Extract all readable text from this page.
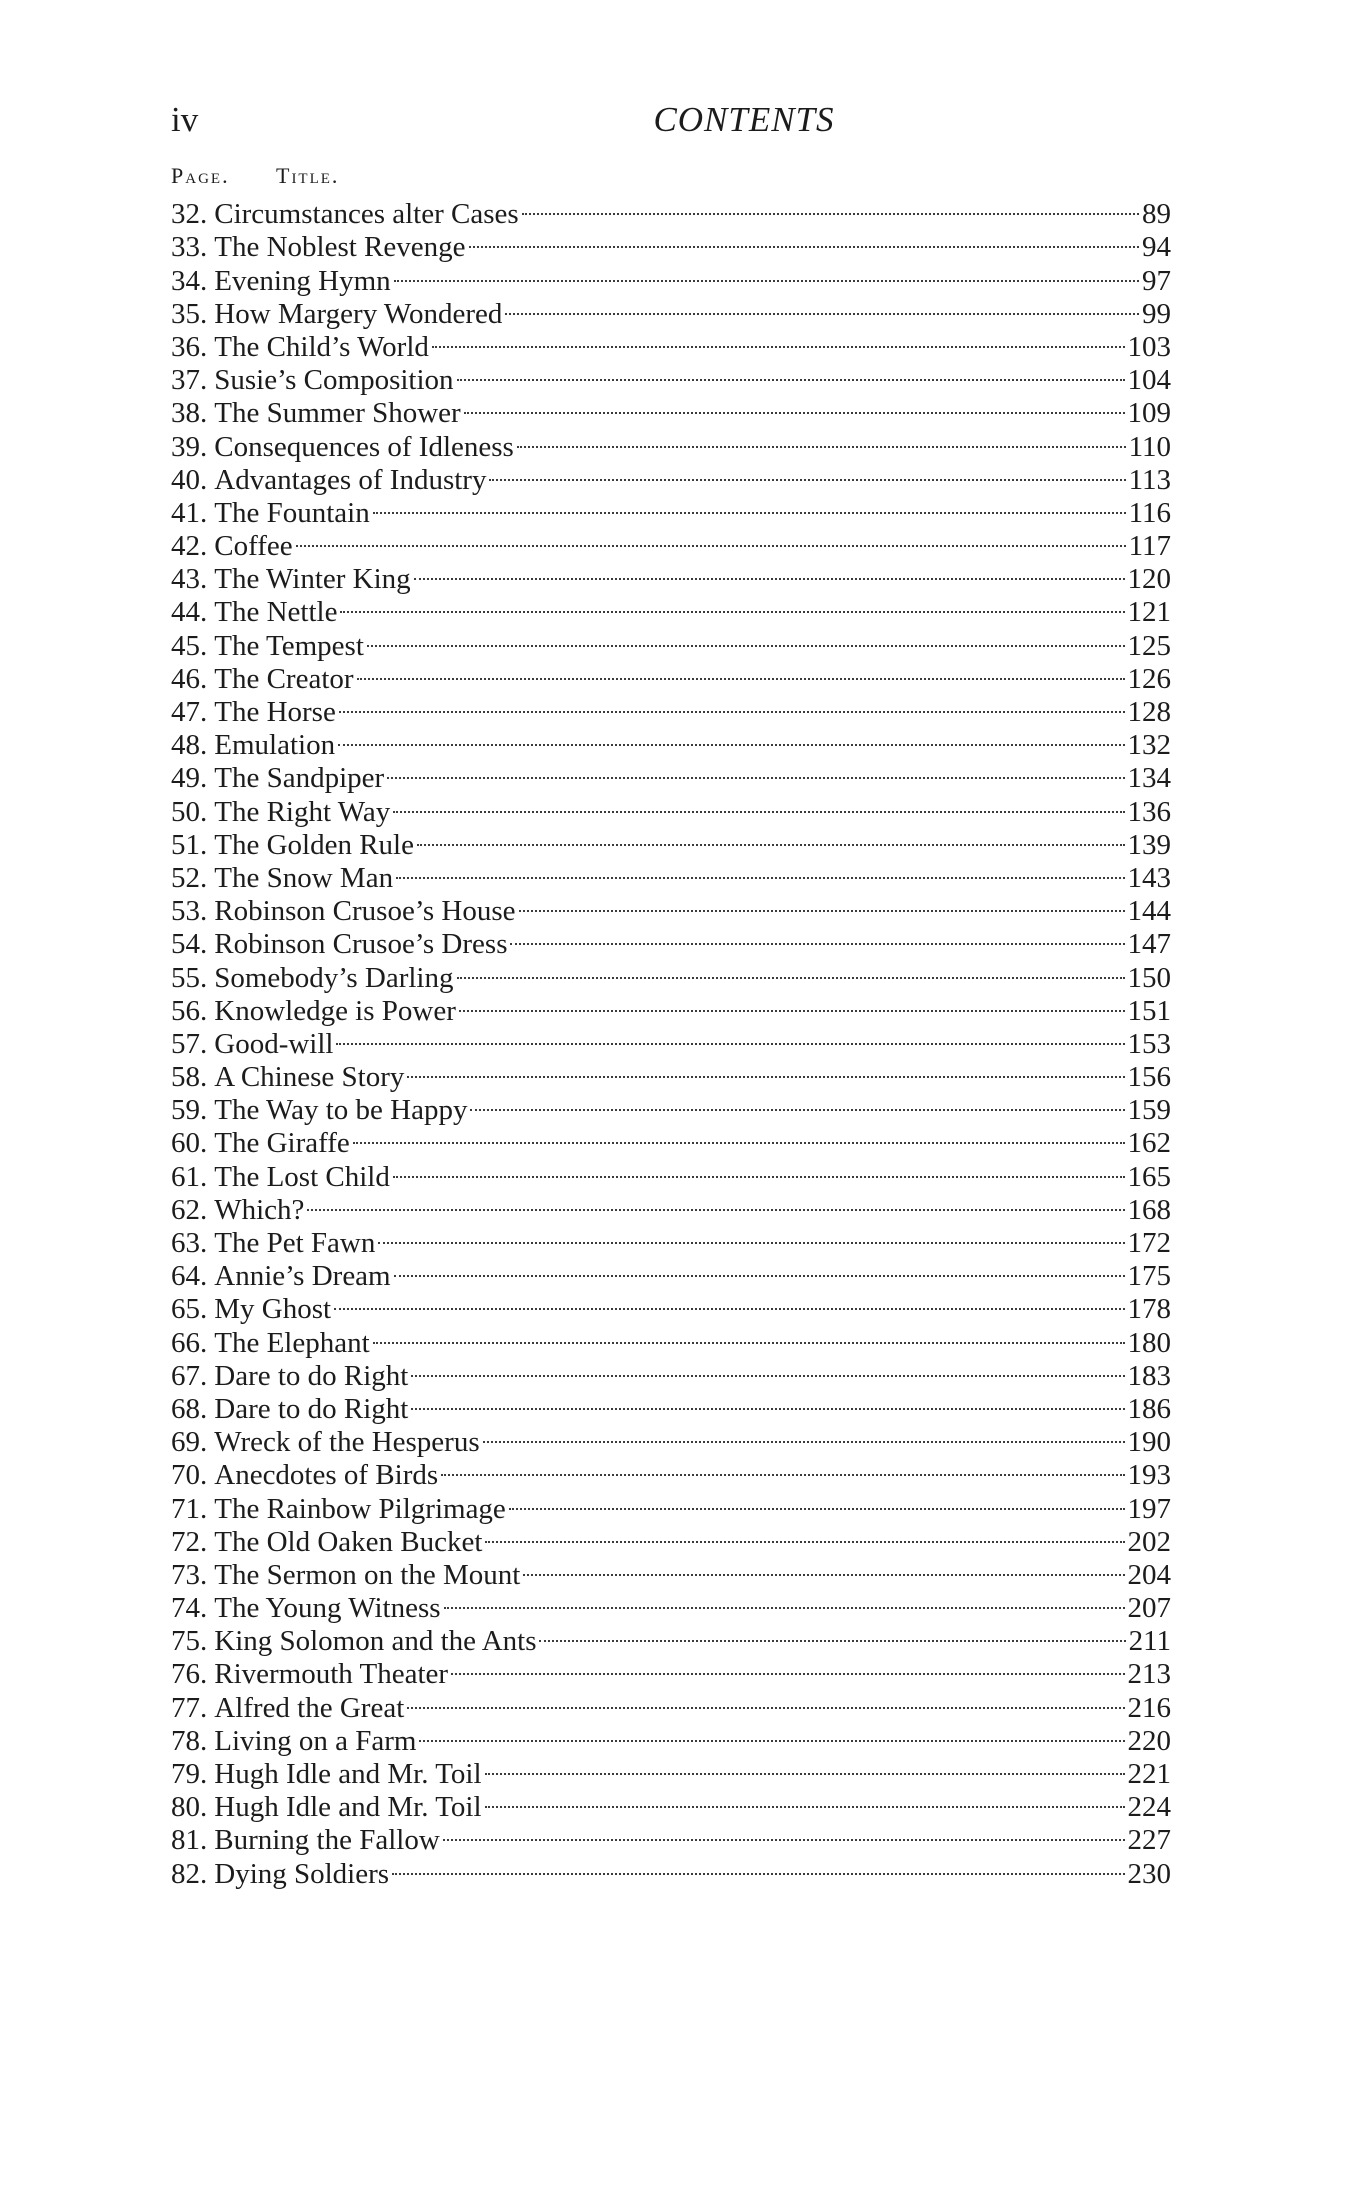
iv	CONTENTS
Title.
Page.
32. Circumstances alter Cases	89
33. The Noblest Revenge	94
34. Evening Hymn	97
35. How Margery Wondered	99
36. The Child’s World	103
37. Susie’s Composition	104
38. The Summer Shower	109
39. Consequences of Idleness	110
40. Advantages of Industry	113
41. The Fountain	116
42. Coffee	117
43. The Winter King	120
44. The Nettle	121
45. The Tempest	125
46. The Creator	126
47. The Horse	128
48. Emulation	132
49. The Sandpiper	134
50. The Right Way	136
51. The Golden Rule	139
52. The Snow Man	143
53. Robinson Crusoe’s House	144
54. Robinson Crusoe’s Dress	147
55. Somebody’s Darling	150
56. Knowledge is Power	151
57. Good-will	153
58. A Chinese Story	156
59. The Way to be Happy	159
60. The Giraffe	162
61. The Lost Child	165
62. Which?	168
63. The Pet Fawn	172
64. Annie’s Dream	175
65. My Ghost	178
66. The Elephant	180
67. Dare to do Right	183
68. Dare to do Right	186
69. Wreck of the Hesperus	190
70. Anecdotes of Birds	193
71. The Rainbow Pilgrimage	197
72. The Old Oaken Bucket	202
73. The Sermon on the Mount	204
74. The Young Witness	207
75. King Solomon and the Ants	211
76. Rivermouth Theater	213
77. Alfred the Great	216
78. Living on a Farm	220
79. Hugh Idle and Mr. Toil	221
80. Hugh Idle and Mr. Toil	224
81. Burning the Fallow	227
82. Dying Soldiers	230
